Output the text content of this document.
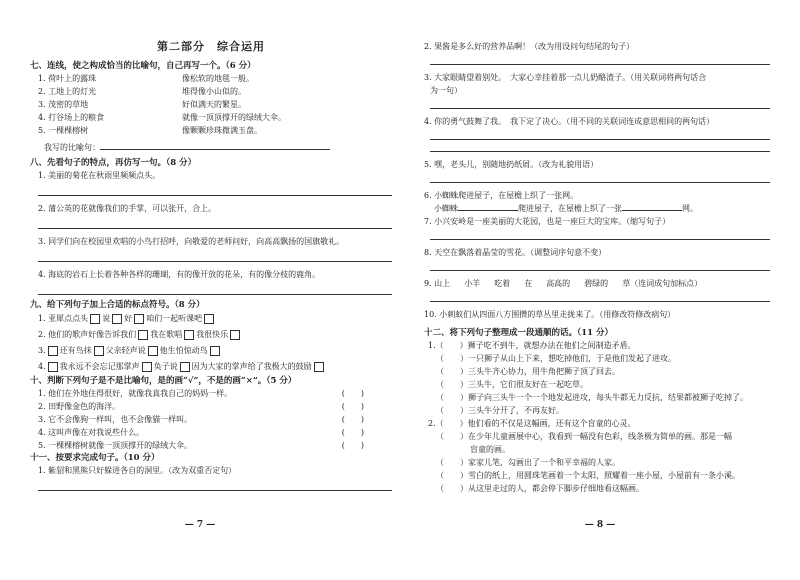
第二部分　综合运用
七、连线，使之构成恰当的比喻句，自己再写一个。（6 分）
1. 荷叶上的露珠	像松软的地毯一般。
2. 工地上的灯光	堆得像小山似的。
3. 茂密的草地	好似满天的繁星。
4. 打谷场上的粮食	就像一顶顶撑开的绿绒大伞。
5. 一棵棵榕树	像颗颗珍珠微满玉盘。
我写的比喻句：
八、先看句子的特点，再仿写一句。（8 分）
1. 美丽的菊花在秋雨里频频点头。
2. 蒲公英的花就像我们的手掌，可以张开，合上。
3. 同学们向在校园里欢唱的小鸟打招呼，向敬爱的老师问好，向高高飘扬的国旗敬礼。
4. 海底的岩石上长着各种各样的珊瑚，有的像开放的花朵，有的像分枝的鹿角。
九、给下列句子加上合适的标点符号。（8 分）
1. 亚犀点点头 说 好 咱们一起听课吧
2. 他们的歌声好像告诉我们 我在歌唱 我很快乐
3. 还有鸟抹 父亲轻声说 他生怕惊动鸟
4. 我永远不会忘记那掌声 奂子说 因为大家的掌声给了我极大的鼓励
十、判断下列句子是不是比喻句，是的画“√”，不是的画“×”。（5 分）
1. 他们在外地住得很好，就像我真我自己的妈妈一样。	(　　)
2. 田野像金色的海洋。	(　　)
3. 它不会像狗一样叫，也不会像猫一样叫。	(　　)
4. 这叫声像在对我说些什么。	(　　)
5. 一棵棵榕树就像一顶顶撑开的绿绒大伞。	(　　)
十一、按要求完成句子。（10 分）
1. 紫貂和黑熊只好躲进各自的洞里。（改为双重否定句）
— 7 —
2. 果酱是多么好的营养品啊！（改为用设问句结尾的句子）
3. 大家眼睛望着别处。　大家心幸挂着那一点儿奶酪渣子。（用关联词将两句话合
为一句）
4. 你的勇气鼓舞了我。　我下定了决心。（用不同的关联词连成意思相同的两句话）
5. 嘿，老头儿，别随地扔纸屑。（改为礼貌用语）
6. 小蜘蛛爬进屋子，在屋檐上织了一张网。
小蜘蛛	爬进屋子，在屋檐上织了一张	网。
7. 小兴安岭是一座美丽的大花园，也是一座巨大的宝库。（缩写句子）
8. 天空在飘落着晶莹的雪花。（调整词序句意不变）
9. 山上 小羊 吃着 在 高高的 碧绿的 草（连词成句加标点）
10. 小刺蚁们从四面八方围攒的草丛里走拢来了。（用修改符修改病句）
十二、将下列句子整理成一段通顺的话。（11 分）
1.（　　）狮子吃不到牛，就想办法在他们之间制造矛盾。
（　　）一只狮子从山上下来，想吃掉他们，于是他们发起了进攻。
（　　）三头牛齐心协力，用牛角把狮子顶了回去。
（　　）三头牛，它们很友好在一起吃草。
（　　）狮子向三头牛一个一个地发起进攻，每头牛都无力反抗，结果都被狮子吃掉了。
（　　）三头牛分开了，不再友好。
2.（　　）他们看的不仅是这幅画，还有这个盲童的心灵。
（　　）在少年儿童画展中心，我看到一幅没有色彩，线条极为简单的画。那是一幅
盲童的画。
（　　）家家儿笔，勾画出了一个和平幸福的人家。
（　　）雪白的纸上，用圆珠笔画着一个太阳，照耀着一座小屋，小屋前有一条小溪。
（　　）从这里走过的人，都会停下脚步仔细地看这幅画。
— 8 —
